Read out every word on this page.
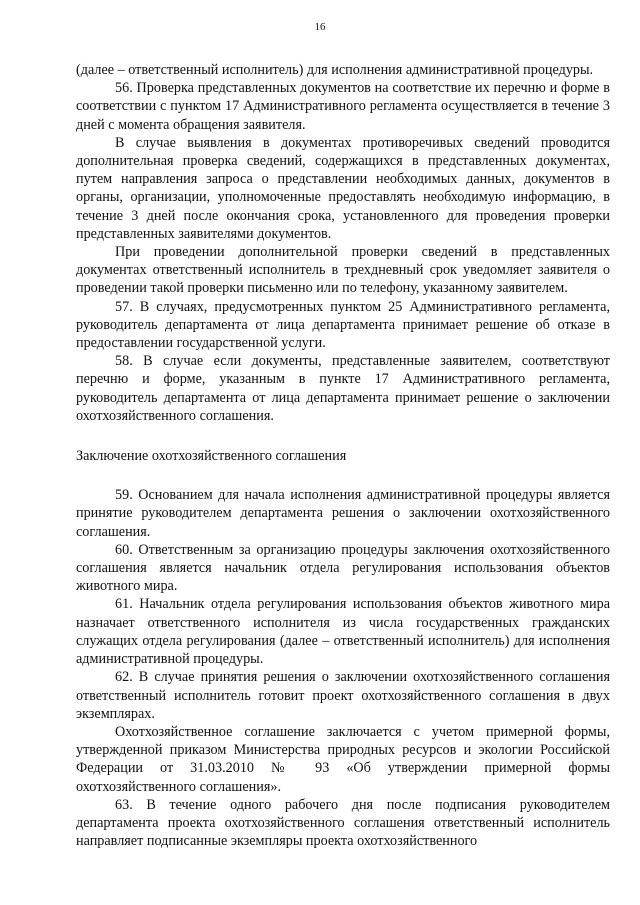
16

(далее – ответственный исполнитель) для исполнения административной процедуры.

56. Проверка представленных документов на соответствие их перечню и форме в соответствии с пунктом 17 Административного регламента осуществляется в течение 3 дней с момента обращения заявителя.

В случае выявления в документах противоречивых сведений проводится дополнительная проверка сведений, содержащихся в представленных документах, путем направления запроса о представлении необходимых данных, документов в органы, организации, уполномоченные предоставлять необходимую информацию, в течение 3 дней после окончания срока, установленного для проведения проверки представленных заявителями документов.

При проведении дополнительной проверки сведений в представленных документах ответственный исполнитель в трехдневный срок уведомляет заявителя о проведении такой проверки письменно или по телефону, указанному заявителем.

57. В случаях, предусмотренных пунктом 25 Административного регламента, руководитель департамента от лица департамента принимает решение об отказе в предоставлении государственной услуги.

58. В случае если документы, представленные заявителем, соответствуют перечню и форме, указанным в пункте 17 Административного регламента, руководитель департамента от лица департамента принимает решение о заключении охотхозяйственного соглашения.

Заключение охотхозяйственного соглашения

59. Основанием для начала исполнения административной процедуры является принятие руководителем департамента решения о заключении охотхозяйственного соглашения.

60. Ответственным за организацию процедуры заключения охотхозяйственного соглашения является начальник отдела регулирования использования объектов животного мира.

61. Начальник отдела регулирования использования объектов животного мира назначает ответственного исполнителя из числа государственных гражданских служащих отдела регулирования (далее – ответственный исполнитель) для исполнения административной процедуры.

62. В случае принятия решения о заключении охотхозяйственного соглашения ответственный исполнитель готовит проект охотхозяйственного соглашения в двух экземплярах.

Охотхозяйственное соглашение заключается с учетом примерной формы, утвержденной приказом Министерства природных ресурсов и экологии Российской Федерации от 31.03.2010 № 93 «Об утверждении примерной формы охотхозяйственного соглашения».

63. В течение одного рабочего дня после подписания руководителем департамента проекта охотхозяйственного соглашения ответственный исполнитель направляет подписанные экземпляры проекта охотхозяйственного
